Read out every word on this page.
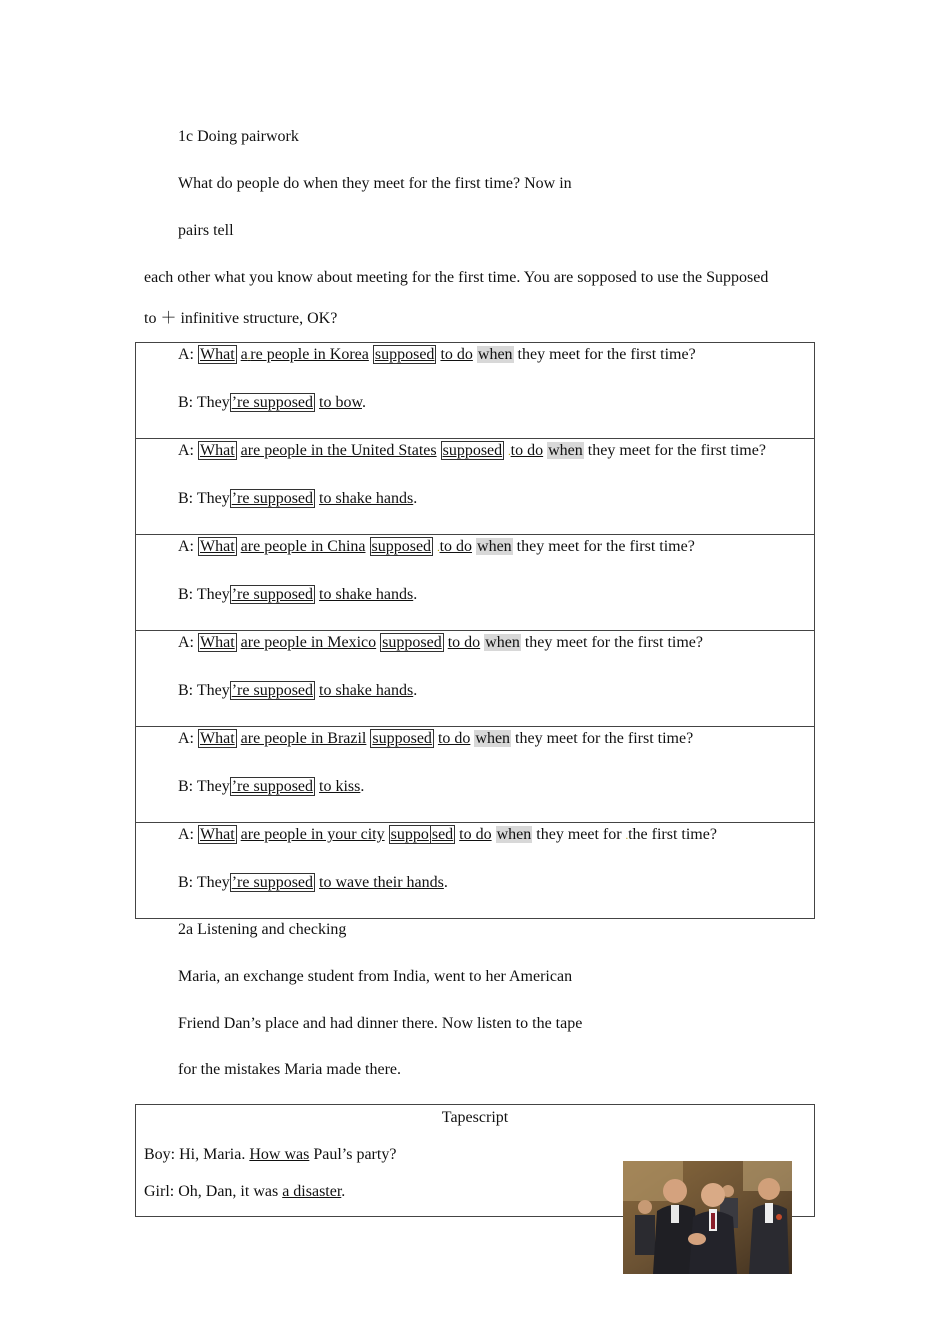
1c Doing pairwork
What do people do when they meet for the first time? Now in
pairs tell
each other what you know about meeting for the first time. You are sopposed to use the Supposed
to ＋ infinitive structure, OK?
A: What a.re people in Korea supposed to do when they meet for the first time?
B: They ’re supposed to bow.
A: What are people in the United States supposed .to do when they meet for the first time?
B: They ’re supposed to shake hands.
A: What are people in China supposed .to do when they meet for the first time?
B: They ’re supposed to shake hands.
A: What are people in Mexico supposed to do when they meet for the first time?
B: They ’re supposed to shake hands.
A: What are people in Brazil supposed to do when they meet for the first time?
B: They ’re supposed to kiss.
A: What are people in your city suppo sed to do when they meet for .the first time?
B: They ’re supposed to wave their hands.
2a Listening and checking
Maria, an exchange student from India, went to her American
Friend Dan’s place and had dinner there. Now listen to the tape
for the mistakes Maria made there.
Tapescript
Boy: Hi, Maria. How was Paul’s party?
Girl: Oh, Dan, it was a disaster.
